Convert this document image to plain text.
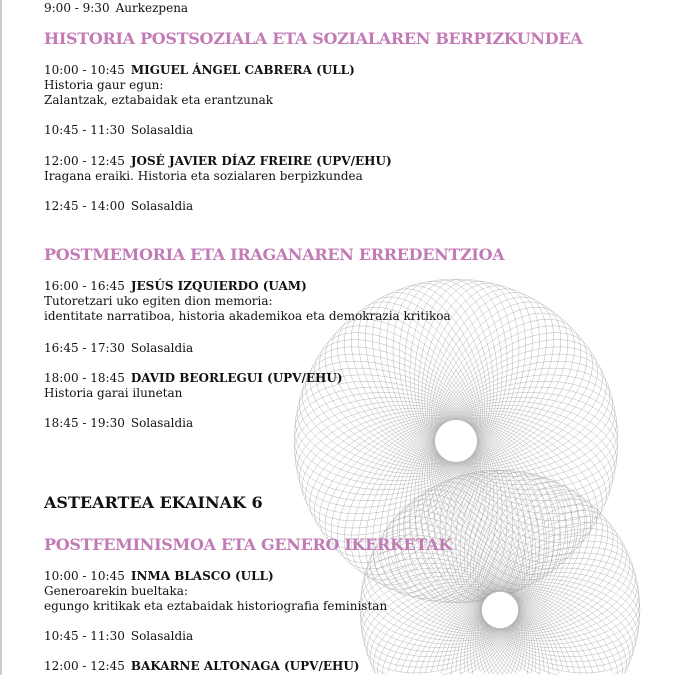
9:00 - 9:30 Aurkezpena
HISTORIA POSTSOZIALA ETA SOZIALAREN BERPIZKUNDEA
10:00 - 10:45 MIGUEL ÁNGEL CABRERA (ULL)
Historia gaur egun:
Zalantzak, eztabaidak eta erantzunak
10:45 - 11:30 Solasaldia
12:00 - 12:45 JOSÉ JAVIER DÍAZ FREIRE (UPV/EHU)
Iragana eraiki. Historia eta sozialaren berpizkundea
12:45 - 14:00 Solasaldia
POSTMEMORIA ETA IRAGANAREN ERREDENTZIOA
16:00 - 16:45 JESÚS IZQUIERDO (UAM)
Tutoretzari uko egiten dion memoria:
identitate narratiboa, historia akademikoa eta demokrazia kritikoa
16:45 - 17:30 Solasaldia
18:00 - 18:45 DAVID BEORLEGUI (UPV/EHU)
Historia garai ilunetan
18:45 - 19:30 Solasaldia
ASTEARTEA EKAINAK 6
POSTFEMINISMOA ETA GENERO IKERKETAK
10:00 - 10:45 INMA BLASCO (ULL)
Generoarekin bueltaka:
egungo kritikak eta eztabaidak historiografia feministan
10:45 - 11:30 Solasaldia
12:00 - 12:45 BAKARNE ALTONAGA (UPV/EHU)
